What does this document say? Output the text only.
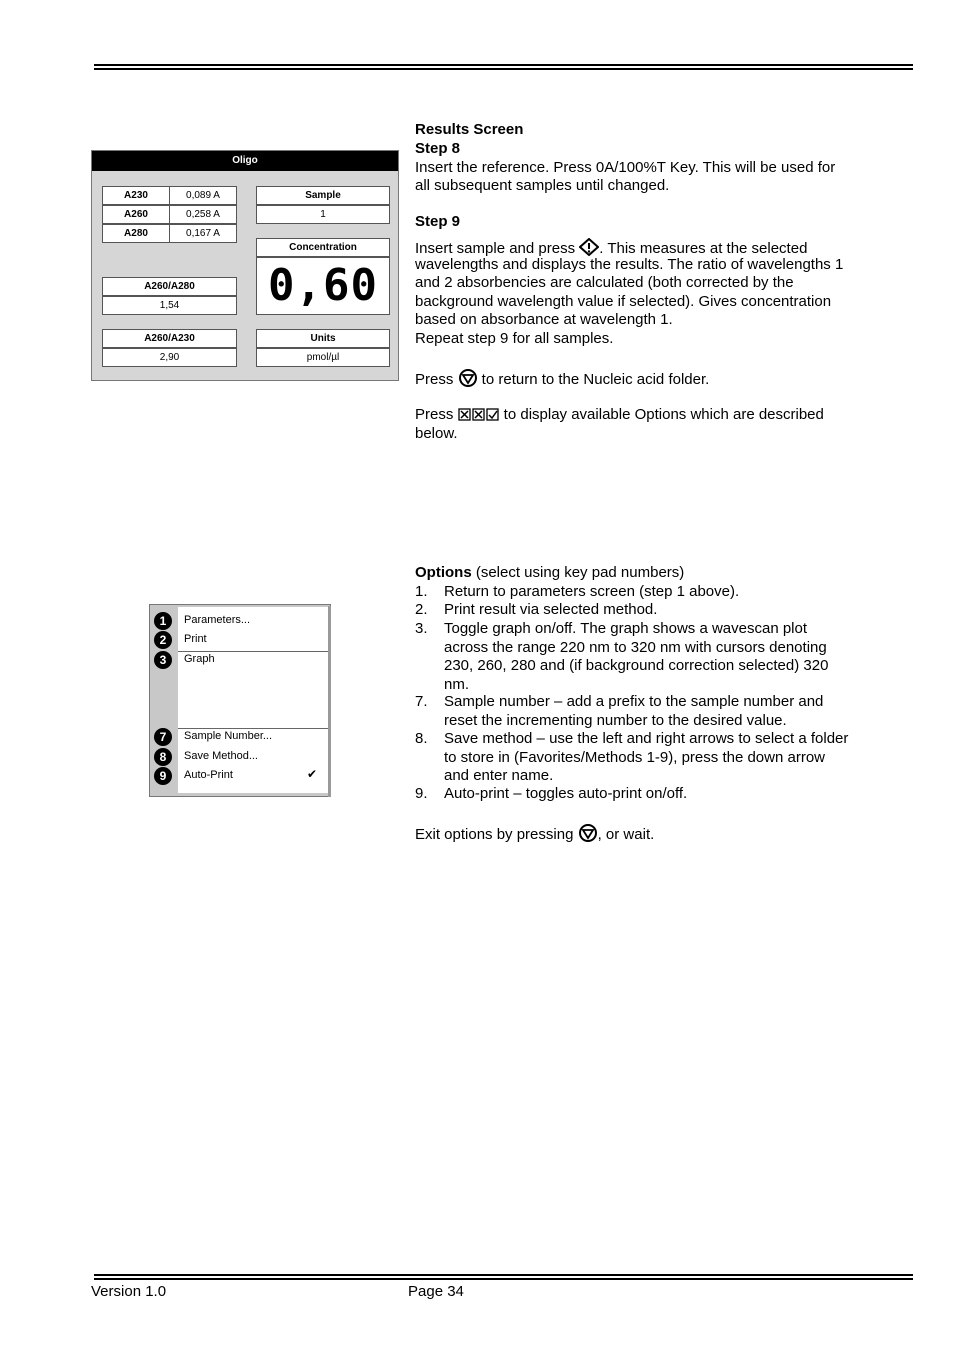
Oligo
A230	0,089 A
A260	0,258 A
A280	0,167 A
Sample
1
Concentration
0,60
A260/A280
1,54
A260/A230
2,90
Units
pmol/µl
1
2
3
7
8
9
Parameters...
Print
Graph
Sample Number...
Save Method...
Auto-Print	✔
Results Screen
Step 8
Insert the reference. Press 0A/100%T Key. This will be used for
all subsequent samples until changed.
Step 9
Insert sample and press . This measures at the selected
wavelengths and displays the results. The ratio of wavelengths 1
and 2 absorbencies are calculated (both corrected by the
background wavelength value if selected). Gives concentration
based on absorbance at wavelength 1.
Repeat step 9 for all samples.
Press  to return to the Nucleic acid folder.
Press	to display available Options which are described
below.
Options (select using key pad numbers)
1. Return to parameters screen (step 1 above).
2. Print result via selected method.
3. Toggle graph on/off. The graph shows a wavescan plot
across the range 220 nm to 320 nm with cursors denoting
230, 260, 280 and (if background correction selected) 320
nm.
7. Sample number – add a prefix to the sample number and
reset the incrementing number to the desired value.
8. Save method – use the left and right arrows to select a folder
to store in (Favorites/Methods 1-9), press the down arrow
and enter name.
9. Auto-print – toggles auto-print on/off.
Exit options by pressing , or wait.
Version 1.0	Page 34
